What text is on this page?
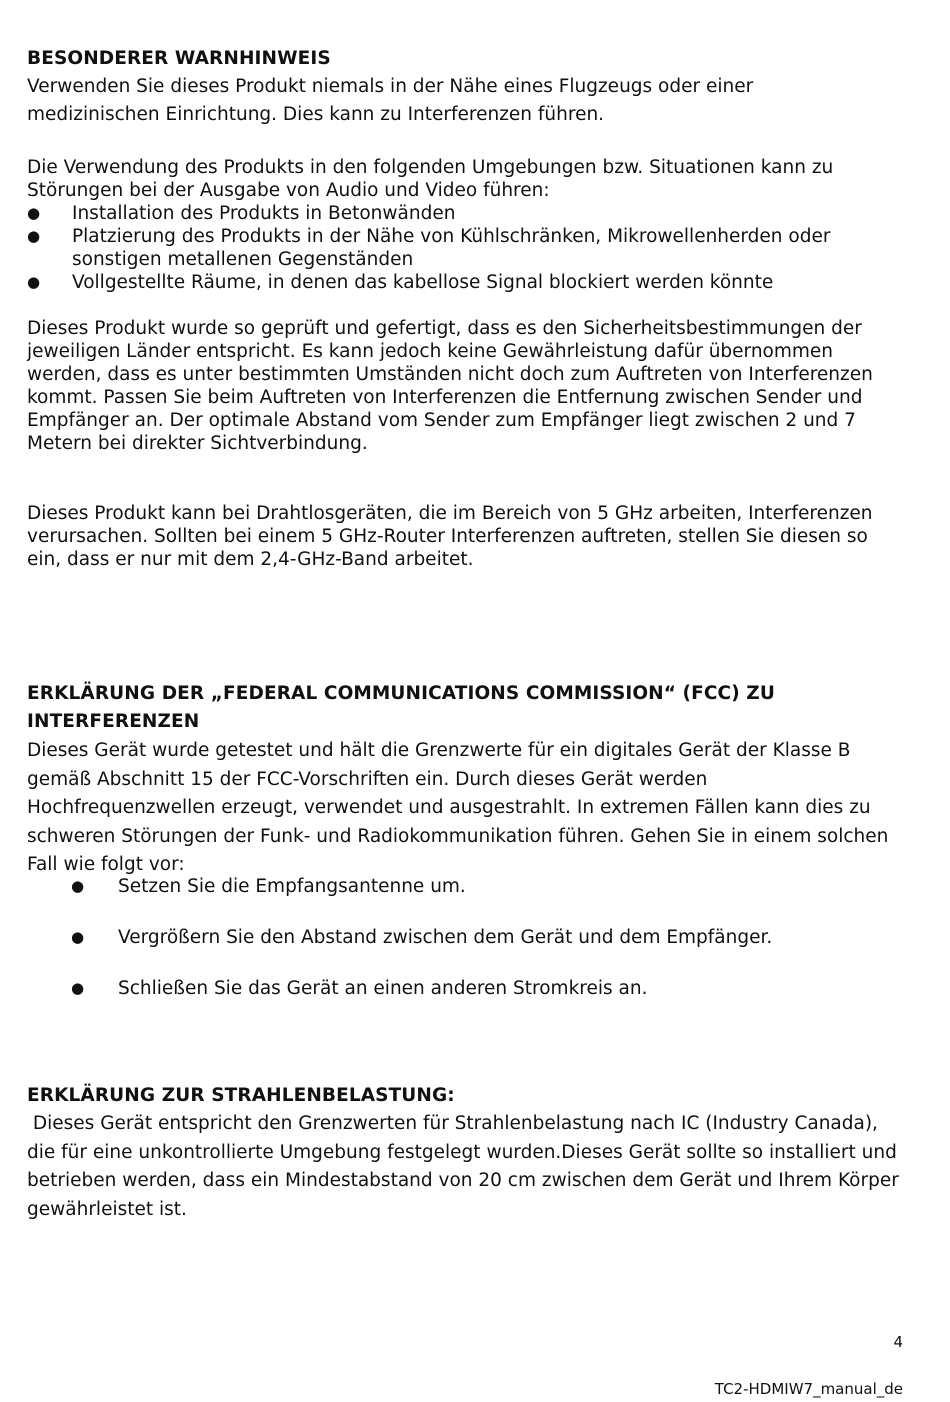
BESONDERER WARNHINWEIS

Verwenden Sie dieses Produkt niemals in der Nähe eines Flugzeugs oder einer

medizinischen Einrichtung. Dies kann zu Interferenzen führen.

Die Verwendung des Produkts in den folgenden Umgebungen bzw. Situationen kann zu Störungen bei der Ausgabe von Audio und Video führen:

● Installation des Produkts in Betonwänden
● Platzierung des Produkts in der Nähe von Kühlschränken, Mikrowellenherden oder sonstigen metallenen Gegenständen
● Vollgestellte Räume, in denen das kabellose Signal blockiert werden könnte

Dieses Produkt wurde so geprüft und gefertigt, dass es den Sicherheitsbestimmungen der jeweiligen Länder entspricht. Es kann jedoch keine Gewährleistung dafür übernommen werden, dass es unter bestimmten Umständen nicht doch zum Auftreten von Interferenzen kommt. Passen Sie beim Auftreten von Interferenzen die Entfernung zwischen Sender und Empfänger an. Der optimale Abstand vom Sender zum Empfänger liegt zwischen 2 und 7 Metern bei direkter Sichtverbindung.

Dieses Produkt kann bei Drahtlosgeräten, die im Bereich von 5 GHz arbeiten, Interferenzen verursachen. Sollten bei einem 5 GHz-Router Interferenzen auftreten, stellen Sie diesen so ein, dass er nur mit dem 2,4-GHz-Band arbeitet.

ERKLÄRUNG DER „FEDERAL COMMUNICATIONS COMMISSION“ (FCC) ZU
INTERFERENZEN

Dieses Gerät wurde getestet und hält die Grenzwerte für ein digitales Gerät der Klasse B gemäß Abschnitt 15 der FCC-Vorschriften ein. Durch dieses Gerät werden Hochfrequenzwellen erzeugt, verwendet und ausgestrahlt. In extremen Fällen kann dies zu schweren Störungen der Funk- und Radiokommunikation führen. Gehen Sie in einem solchen Fall wie folgt vor:

● Setzen Sie die Empfangsantenne um.
● Vergrößern Sie den Abstand zwischen dem Gerät und dem Empfänger.
● Schließen Sie das Gerät an einen anderen Stromkreis an.
ERKLÄRUNG ZUR STRAHLENBELASTUNG:

Dieses Gerät entspricht den Grenzwerten für Strahlenbelastung nach IC (Industry Canada), die für eine unkontrollierte Umgebung festgelegt wurden.Dieses Gerät sollte so installiert und betrieben werden, dass ein Mindestabstand von 20 cm zwischen dem Gerät und Ihrem Körper gewährleistet ist.

4
TC2-HDMIW7_manual_de
